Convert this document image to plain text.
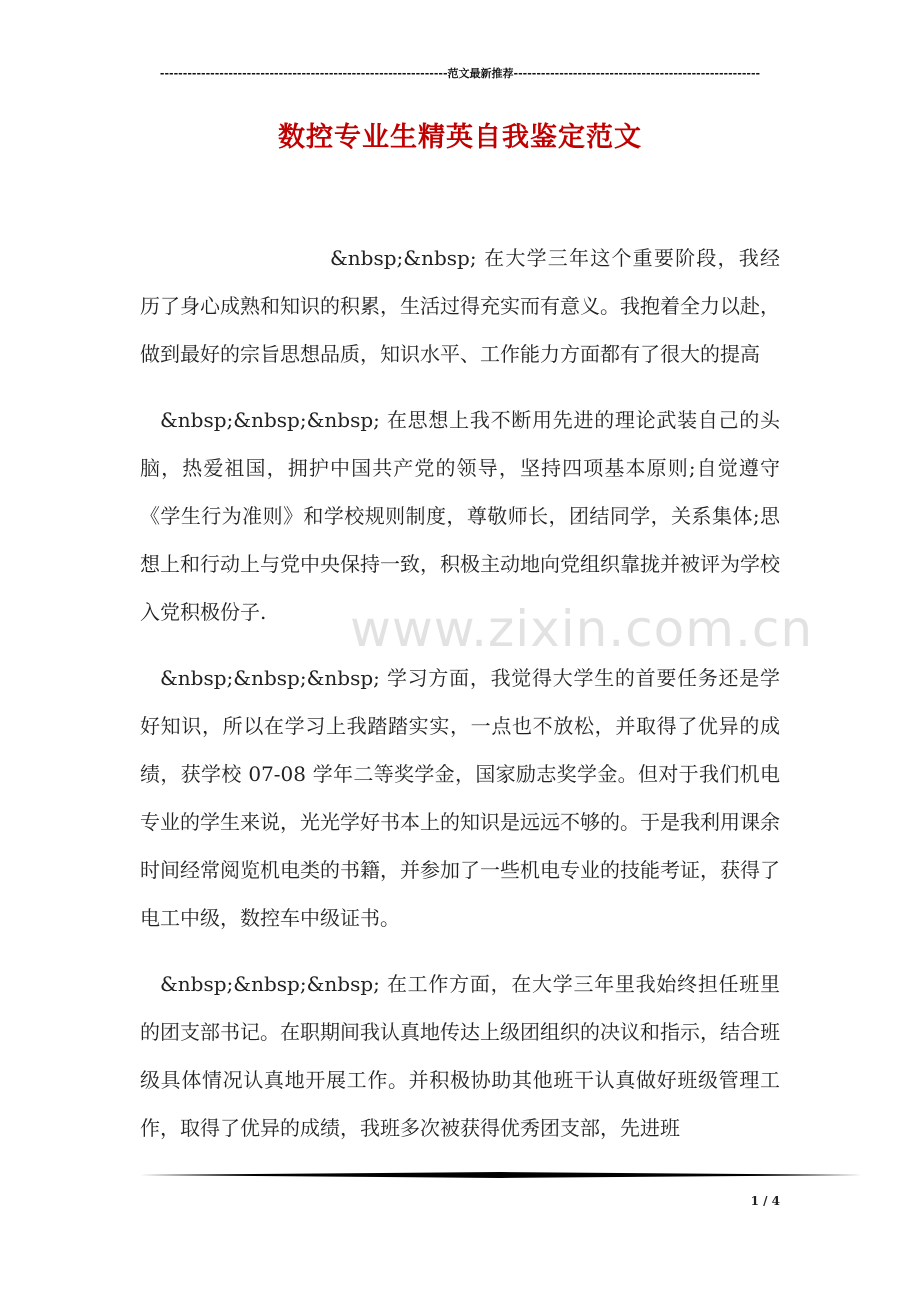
---------------------------------------------------------------范文最新推荐------------------------------------------------------
数控专业生精英自我鉴定范文

&nbsp;&nbsp; 在大学三年这个重要阶段，我经历了身心成熟和知识的积累，生活过得充实而有意义。我抱着全力以赴，做到最好的宗旨思想品质，知识水平、工作能力方面都有了很大的提高

&nbsp;&nbsp;&nbsp; 在思想上我不断用先进的理论武装自己的头脑，热爱祖国，拥护中国共产党的领导，坚持四项基本原则;自觉遵守《学生行为准则》和学校规则制度，尊敬师长，团结同学，关系集体;思想上和行动上与党中央保持一致，积极主动地向党组织靠拢并被评为学校入党积极份子.

&nbsp;&nbsp;&nbsp; 学习方面，我觉得大学生的首要任务还是学好知识，所以在学习上我踏踏实实，一点也不放松，并取得了优异的成绩，获学校 07-08 学年二等奖学金，国家励志奖学金。但对于我们机电专业的学生来说，光光学好书本上的知识是远远不够的。于是我利用课余时间经常阅览机电类的书籍，并参加了一些机电专业的技能考证，获得了电工中级，数控车中级证书。

&nbsp;&nbsp;&nbsp; 在工作方面，在大学三年里我始终担任班里的团支部书记。在职期间我认真地传达上级团组织的决议和指示，结合班级具体情况认真地开展工作。并积极协助其他班干认真做好班级管理工作，取得了优异的成绩，我班多次被获得优秀团支部，先进班

www.zixin.com.cn
1 / 4
